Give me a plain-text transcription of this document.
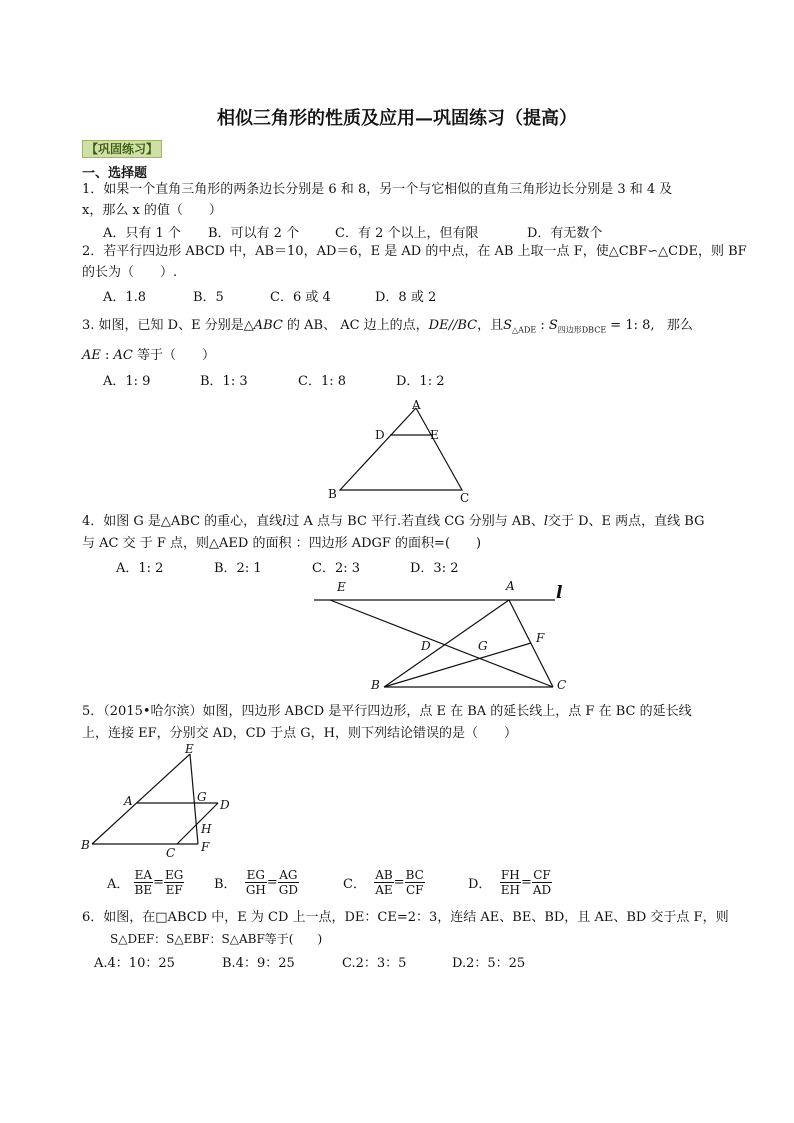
相似三角形的性质及应用—巩固练习（提高）
【巩固练习】
一、选择题
1．如果一个直角三角形的两条边长分别是 6 和 8，另一个与它相似的直角三角形边长分别是 3 和 4 及
x，那么 x 的值（　　）
A．只有 1 个 B．可以有 2 个	C．有 2 个以上，但有限	D．有无数个
2．若平行四边形 ABCD 中，AB＝10，AD＝6，E 是 AD 的中点，在 AB 上取一点 F，使△CBF∽△CDE，则 BF
的长为（　　）.
A．1.8	B．5	C．6 或 4	D．8 或 2
3. 如图，已知 D、E 分别是△ABC 的 AB、 AC 边上的点，DE//BC，且$S_{\triangle ADE}$ : $S_{四边形DBCE} = 1$: 8, 那么
AE : AC 等于（　　）
A．1: 9	B．1: 3	C．1: 8	D．1: 2
A
D	E
B	C
4．如图 G 是△ABC 的重心，直线l过 A 点与 BC 平行.若直线 CG 分别与 AB、l交于 D、E 两点，直线 BG
与 AC 交 于 F 点，则△AED 的面积 ：四边形 ADGF 的面积=(　　)
A．1: 2	B．2: 1	C．2: 3	D．3: 2
E	A l
F
D	G
B	C
5．（2015•哈尔滨）如图，四边形 ABCD 是平行四边形，点 E 在 BA 的延长线上，点 F 在 BC 的延长线
上，连接 EF，分别交 AD，CD 于点 G，H，则下列结论错误的是（　　）
E
A	G
D
H
B
C F
A． $\frac{EA}{BE} = \frac{EG}{EF}$ B． $\frac{EG}{GH} = \frac{AG}{GD}$	C． $\frac{AB}{AE} = \frac{BC}{CF}$	D． $\frac{FH}{EH} = \frac{CF}{AD}$
6．如图，在□ABCD 中，E 为 CD 上一点，DE：CE=2：3，连结 AE、BE、BD，且 AE、BD 交于点 F，则
S△DEF：S△EBF：S△ABF等于(　　)
A.4：10：25	B.4：9：25	C.2：3：5	D.2：5：25
